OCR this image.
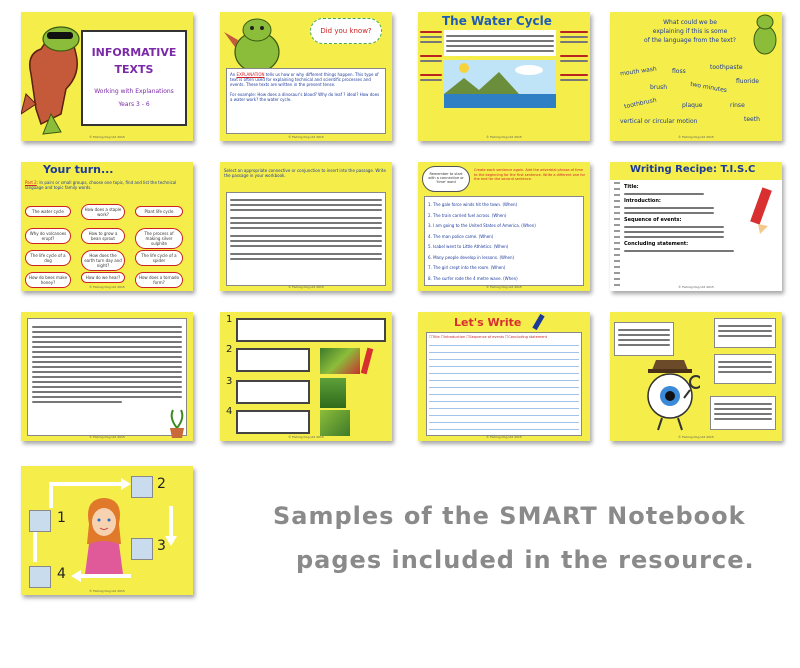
INFORMATIVE
TEXTS
Working with Explanations
Years 3 - 6
© Fishing Dog Ltd 2015
Did you know?
An EXPLANATION tells us how or why different things happen. This type of text is often used for explaining technical and scientific processes and events. These texts are written in the present tense.

For example: How does a dinosaur's blood? Why do leaf ? ideal? How does a water work? the water cycle.
© Fishing Dog Ltd 2015
The Water Cycle
© Fishing Dog Ltd 2015
What could we be
explaining if this is some
of the language from the text?
mouth wash floss
toothpaste
fluoride
brush	two minutes
toothbrush	plaque	rinse
vertical or circular motion	teeth
© Fishing Dog Ltd 2015
Your turn...
Part 2: In pairs or small groups, choose one topic, find and list the technical language and topic family words.
The water cycle	How does a staple work?
Plant life cycle
Why do volcanoes erupt?
How to grow a bean sprout
The process of making silver sulphite
The life cycle of a dog
How does the earth turn day and night?
The life cycle of a spider
How do bees make honey?
How do we hear?	How does a tornado form?
© Fishing Dog Ltd 2015
Select an appropriate connective or conjunction to insert into the passage. Write the passage in your workbook.
© Fishing Dog Ltd 2015
Remember to start with a connective or 'time' word
Create each sentence again. Add the adverbial phrase of time to the beginning for the first sentence. Write a different one for the end for the second sentence.
1. The gale force winds hit the town. (When)
2. The train carried fuel across. (When)
3. I am going to the United States of America. (When)
4. The man police came. (When)
5. Isabel went to Little Athletics. (When)
6. Many people develop in lessons. (When)
7. The girl crept into the room. (When)
8. The surfer rode the 4 metre wave. (When)
© Fishing Dog Ltd 2015
Writing Recipe: T.I.S.C
Title:
Introduction:
Sequence of events:
Concluding statement:
© Fishing Dog Ltd 2015
© Fishing Dog Ltd 2015
1
2
3
4
© Fishing Dog Ltd 2015
Let's Write
☐Title ☐Introduction ☐Sequence of events ☐Concluding statement
© Fishing Dog Ltd 2015	© Fishing Dog Ltd 2015
1
2
3
4
© Fishing Dog Ltd 2015
Samples of the SMART Notebook
pages included in the resource.
